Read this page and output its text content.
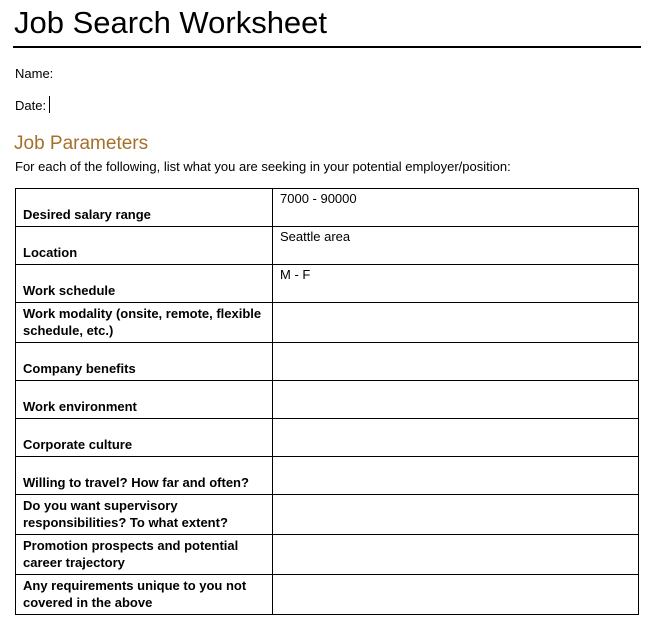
Job Search Worksheet
Name:
Date:
Job Parameters
For each of the following, list what you are seeking in your potential employer/position:
Desired salary range	7000 - 90000
Location	Seattle area
Work schedule	M - F
Work modality (onsite, remote, flexible schedule, etc.)	
Company benefits	
Work environment	
Corporate culture	
Willing to travel? How far and often?	
Do you want supervisory responsibilities? To what extent?	
Promotion prospects and potential career trajectory	
Any requirements unique to you not covered in the above	
